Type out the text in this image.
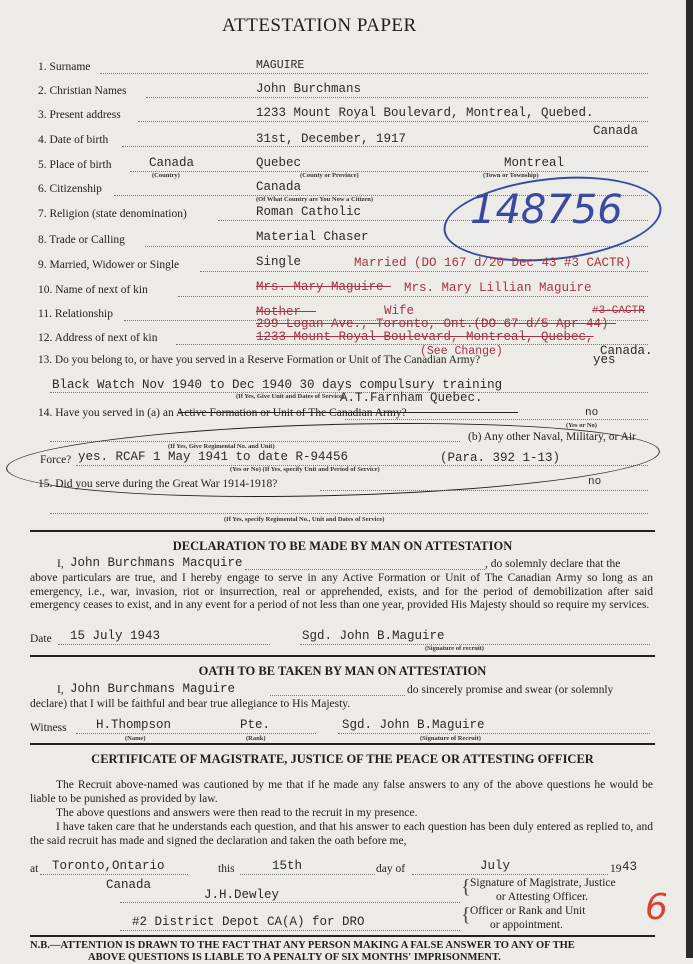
ATTESTATION PAPER
1. Surname	MAGUIRE
2. Christian Names	John Burchmans
3. Present address	1233 Mount Royal Boulevard, Montreal, Quebed.
Canada
4. Date of birth	31st, December, 1917
5. Place of birth	Canada	Quebec	Montreal
(Country)	(County or Province)	(Town or Township)
6. Citizenship	Canada
(Of What Country are You Now a Citizen)
7. Religion (state denomination)	Roman Catholic
8. Trade or Calling	Material Chaser
148756
9. Married, Widower or Single	Single	Married (DO 167 d/20 Dec 43 #3 CACTR)
10. Name of next of kin	Mrs. Mary Maguire- Mrs. Mary Lillian Maguire
11. Relationship	Mother--	Wife	#3-CACTR
299 Logan Ave., Toronto, Ont.(DO-67-d/5-Apr 44)-
12. Address of next of kin	1233 Mount Royal Boulevard, Montreal, Quebec,
Canada.
(See Change)
13. Do you belong to, or have you served in a Reserve Formation or Unit of The Canadian Army?	yes
Black Watch Nov 1940 to Dec 1940 30 days compulsury training
(If Yes, Give Unit and Dates of Service)
A.T.Farnham Quebec.
14. Have you served in (a) an Active Formation or Unit of The Canadian Army?	no
(Yes or No)
(b) Any other Naval, Military, or Air
(If Yes, Give Regimental No. and Unit)
Force? yes. RCAF 1 May 1941 to date R-94456	(Para. 392 1-13)
(Yes or No) (If Yes, specify Unit and Period of Service)
15. Did you serve during the Great War 1914-1918?	no
(If Yes, specify Regimental No., Unit and Dates of Service)
DECLARATION TO BE MADE BY MAN ON ATTESTATION
I, John Burchmans Macquire	, do solemnly declare that the
above particulars are true, and I hereby engage to serve in any Active Formation or Unit of The Canadian Army so long as an emergency, i.e., war, invasion, riot or insurrection, real or apprehended, exists, and for the period of demobilization after said emergency ceases to exist, and in any event for a period of not less than one year, provided His Majesty should so require my services.
Date 15 July 1943	Sgd. John B.Maguire
(Signature of recruit)
OATH TO BE TAKEN BY MAN ON ATTESTATION
I, John Burchmans Maguire	do sincerely promise and swear (or solemnly
declare) that I will be faithful and bear true allegiance to His Majesty.
Witness H.Thompson	Pte.	Sgd. John B.Maguire
(Name)	(Rank)	(Signature of Recruit)
CERTIFICATE OF MAGISTRATE, JUSTICE OF THE PEACE OR ATTESTING OFFICER
The Recruit above-named was cautioned by me that if he made any false answers to any of the above questions he would be liable to be punished as provided by law.
The above questions and answers were then read to the recruit in my presence.
I have taken care that he understands each question, and that his answer to each question has been duly entered as replied to, and the said recruit has made and signed the declaration and taken the oath before me,
at Toronto,Ontario	this	15th	day of	July	19 43
Canada
J.H.Dewley	{ Signature of Magistrate, Justice
or Attesting Officer.
#2 District Depot CA(A) for DRO	{ Officer or Rank and Unit
or appointment. 6
N.B.—ATTENTION IS DRAWN TO THE FACT THAT ANY PERSON MAKING A FALSE ANSWER TO ANY OF THE
ABOVE QUESTIONS IS LIABLE TO A PENALTY OF SIX MONTHS' IMPRISONMENT.
